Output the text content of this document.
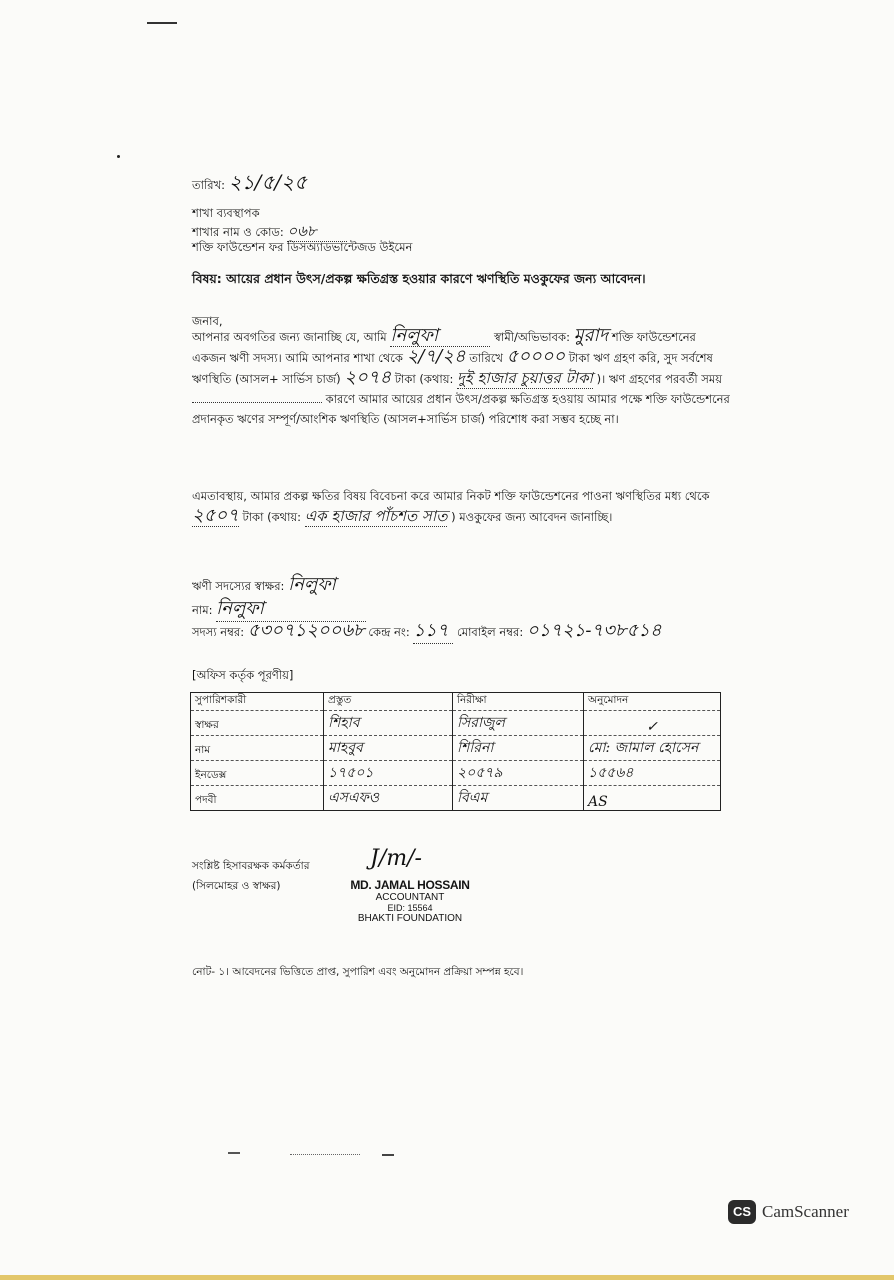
তারিখ: ২১/৫/২৫
শাখা ব্যবস্থাপক
শাখার নাম ও কোড: ০৬৮
শক্তি ফাউন্ডেশন ফর ডিসঅ্যাডভান্টেজড উইমেন
বিষয়: আয়ের প্রধান উৎস/প্রকল্প ক্ষতিগ্রস্ত হওয়ার কারণে ঋণস্থিতি মওকুফের জন্য আবেদন।
জনাব,
আপনার অবগতির জন্য জানাচ্ছি যে, আমি নিলুফা	স্বামী/অভিভাবক: মুরাদ শক্তি ফাউন্ডেশনের একজন ঋণী সদস্য। আমি আপনার শাখা থেকে ২/৭/২৪ তারিখে ৫০০০০ টাকা ঋণ গ্রহণ করি, সুদ সর্বশেষ ঋণস্থিতি (আসল+ সার্ভিস চার্জ) ২০৭৪ টাকা (কথায়: দুই হাজার চুয়াত্তর টাকা )। ঋণ গ্রহণের পরবর্তী সময়  কারণে আমার আয়ের প্রধান উৎস/প্রকল্প ক্ষতিগ্রস্ত হওয়ায় আমার পক্ষে শক্তি ফাউন্ডেশনের প্রদানকৃত ঋণের সম্পূর্ণ/আংশিক ঋণস্থিতি (আসল+সার্ভিস চার্জ) পরিশোধ করা সম্ভব হচ্ছে না।
এমতাবস্থায়, আমার প্রকল্প ক্ষতির বিষয় বিবেচনা করে আমার নিকট শক্তি ফাউন্ডেশনের পাওনা ঋণস্থিতির মধ্য থেকে ২৫০৭ টাকা (কথায়: এক হাজার পাঁচশত সাত ) মওকুফের জন্য আবেদন জানাচ্ছি।
ঋণী সদস্যের স্বাক্ষর: নিলুফা
নাম: নিলুফা
সদস্য নম্বর: ৫৩০৭১২০০৬৮ কেন্দ্র নং: ১১৭ মোবাইল নম্বর: ০১৭২১-৭৩৮৫১৪
[অফিস কর্তৃক পূরণীয়]
সুপারিশকারী	প্রস্তুত	নিরীক্ষা	অনুমোদন
স্বাক্ষর	শিহাব	সিরাজুল	✓
নাম	মাহবুব	শিরিনা	মো: জামাল হোসেন
ইনডেক্স	১৭৫০১	২০৫৭৯	১৫৫৬৪
পদবী	এসএফও	বিএম	AS
সংশ্লিষ্ট হিসাবরক্ষক কর্মকর্তার
(সিলমোহর ও স্বাক্ষর)
J/m/-
MD. JAMAL HOSSAIN
ACCOUNTANT
EID: 15564
BHAKTI FOUNDATION
নোট- ১। আবেদনের ভিত্তিতে প্রাপ্ত, সুপারিশ এবং অনুমোদন প্রক্রিয়া সম্পন্ন হবে।
CS CamScanner
